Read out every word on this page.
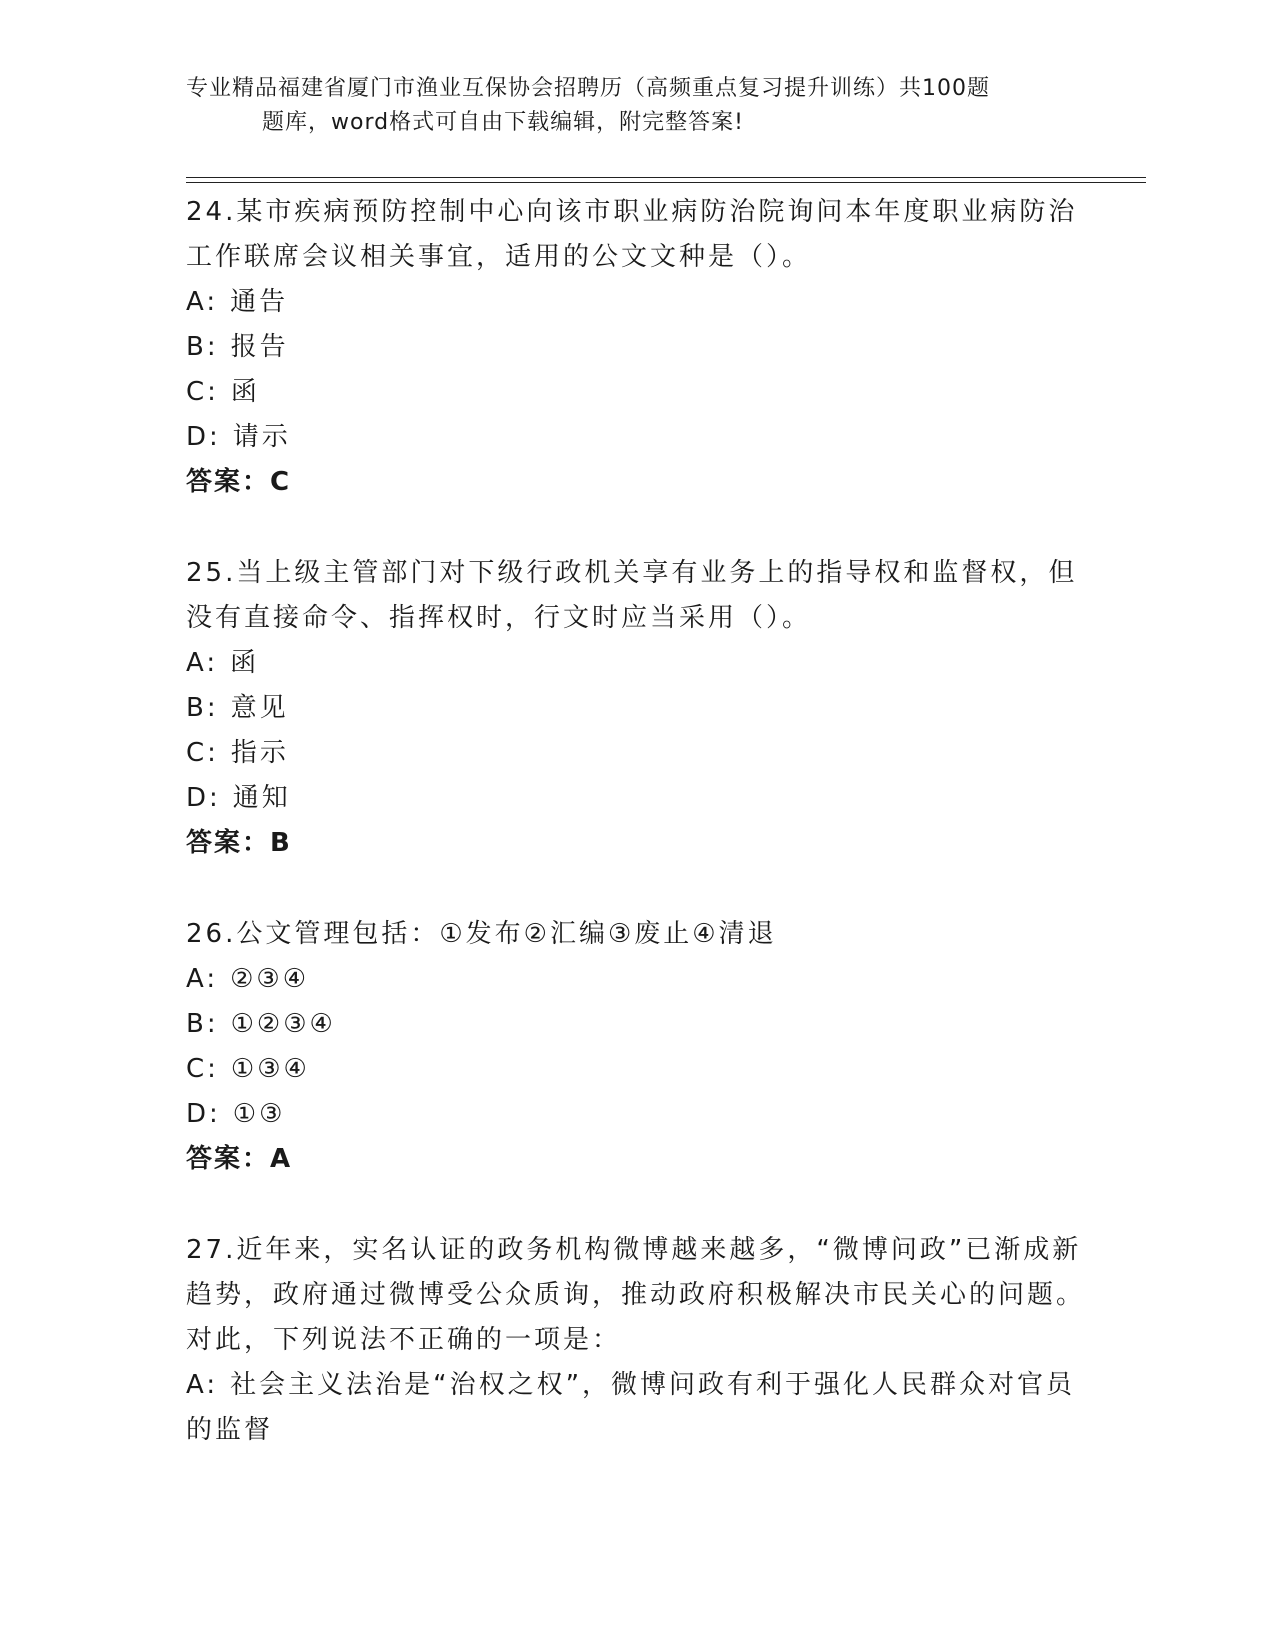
专业精品福建省厦门市渔业互保协会招聘历（高频重点复习提升训练）共100题
题库，word格式可自由下载编辑，附完整答案!

24.某市疾病预防控制中心向该市职业病防治院询问本年度职业病防治工作联席会议相关事宜，适用的公文文种是（）。

A: 通告

B: 报告

C: 函

D: 请示

答案：C

25.当上级主管部门对下级行政机关享有业务上的指导权和监督权，但没有直接命令、指挥权时，行文时应当采用（）。

A: 函

B: 意见

C: 指示

D: 通知

答案：B

26.公文管理包括：①发布②汇编③废止④清退

A: ②③④

B: ①②③④

C: ①③④

D: ①③

答案：A

27.近年来，实名认证的政务机构微博越来越多，“微博问政”已渐成新趋势，政府通过微博受公众质询，推动政府积极解决市民关心的问题。对此，下列说法不正确的一项是：

A: 社会主义法治是“治权之权”，微博问政有利于强化人民群众对官员的监督
